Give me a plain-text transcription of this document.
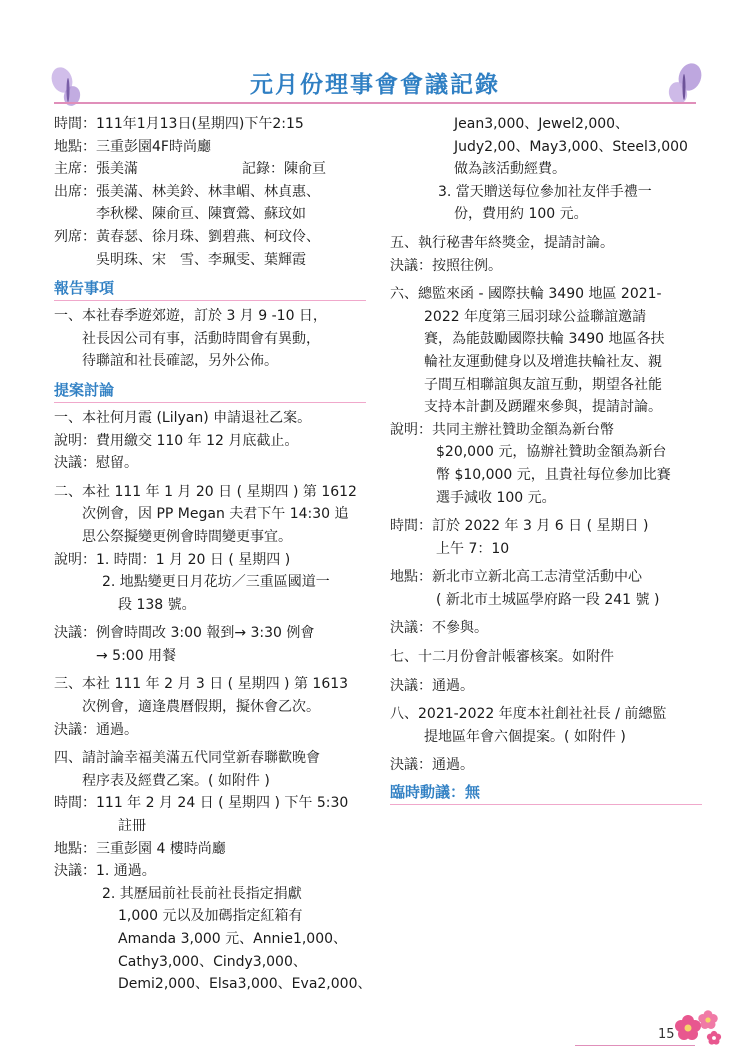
元月份理事會會議記錄
時間：111年1月13日(星期四)下午2:15
地點：三重彭園4F時尚廳
主席：張美滿	記錄：陳俞亘
出席：張美滿、林美鈴、林聿嵋、林貞惠、
李秋樑、陳俞亘、陳寶鶯、蘇玟如
列席：黃春瑟、徐月珠、劉碧燕、柯玟伶、
吳明珠、宋　雪、李珮雯、葉輝霞
報告事項
一、本社春季遊郊遊，訂於 3 月 9 -10 日，
社長因公司有事，活動時間會有異動，
待聯誼和社長確認，另外公佈。
提案討論
一、本社何月霞 (Lilyan) 申請退社乙案。
說明：費用繳交 110 年 12 月底截止。
決議：慰留。
二、本社 111 年 1 月 20 日 ( 星期四 ) 第 1612
次例會，因 PP Megan 夫君下午 14:30 追
思公祭擬變更例會時間變更事宜。
說明：1. 時間：1 月 20 日 ( 星期四 )
2. 地點變更日月花坊／三重區國道一
段 138 號。
決議：例會時間改 3:00 報到→ 3:30 例會
→ 5:00 用餐
三、本社 111 年 2 月 3 日 ( 星期四 ) 第 1613
次例會，適逢農曆假期，擬休會乙次。
決議：通過。
四、請討論幸福美滿五代同堂新春聯歡晚會
程序表及經費乙案。( 如附件 )
時間：111 年 2 月 24 日 ( 星期四 ) 下午 5:30
註冊
地點：三重彭園 4 樓時尚廳
決議：1. 通過。
2. 其歷屆前社長前社長指定捐獻
1,000 元以及加碼指定紅箱有
Amanda 3,000 元、Annie1,000、
Cathy3,000、Cindy3,000、
Demi2,000、Elsa3,000、Eva2,000、
Jean3,000、Jewel2,000、
Judy2,00、May3,000、Steel3,000
做為該活動經費。
3. 當天贈送每位參加社友伴手禮一
份，費用約 100 元。
五、執行秘書年終獎金，提請討論。
決議：按照往例。
六、總監來函 - 國際扶輪 3490 地區 2021-
2022 年度第三屆羽球公益聯誼邀請
賽，為能鼓勵國際扶輪 3490 地區各扶
輪社友運動健身以及增進扶輪社友、親
子間互相聯誼與友誼互動，期望各社能
支持本計劃及踴躍來參與，提請討論。
說明：共同主辦社贊助金額為新台幣
$20,000 元，協辦社贊助金額為新台
幣 $10,000 元，且貴社每位參加比賽
選手減收 100 元。
時間：訂於 2022 年 3 月 6 日 ( 星期日 )
上午 7：10
地點：新北市立新北高工志清堂活動中心
( 新北市土城區學府路一段 241 號 )
決議：不參與。
七、十二月份會計帳審核案。如附件
決議：通過。
八、2021-2022 年度本社創社社長 / 前總監
提地區年會六個提案。( 如附件 )
決議：通過。
臨時動議：無
15
